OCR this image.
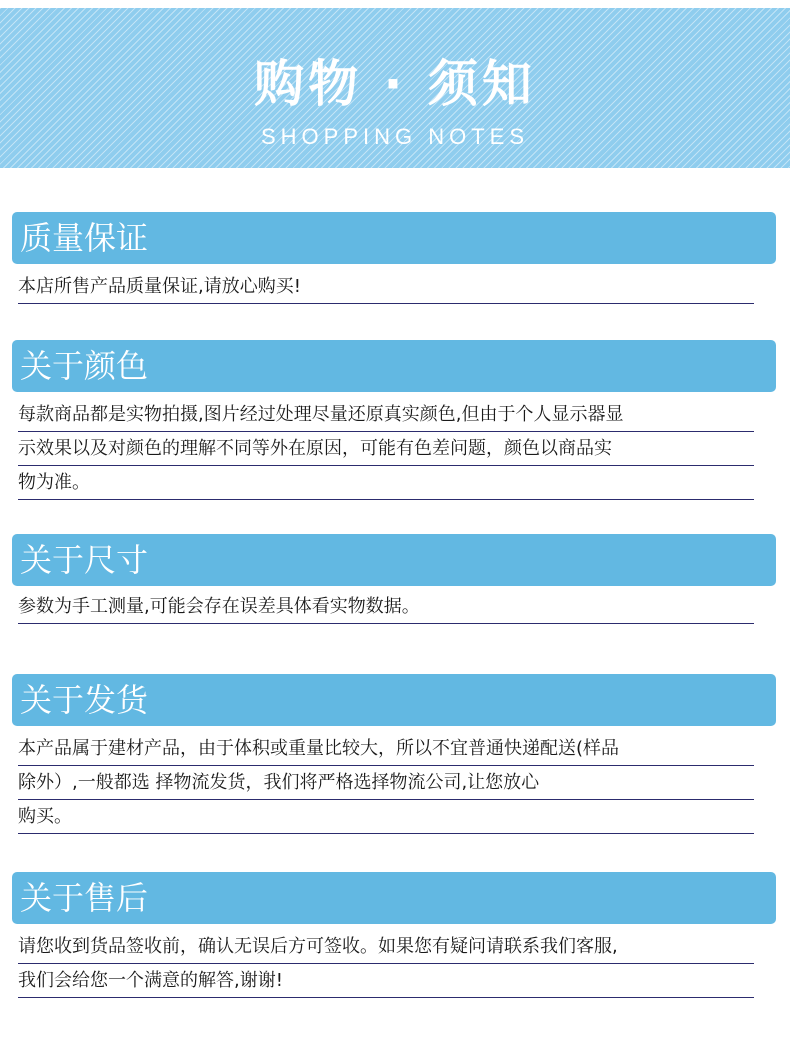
购物 · 须知
SHOPPING NOTES
质量保证
本店所售产品质量保证,请放心购买!
关于颜色
每款商品都是实物拍摄,图片经过处理尽量还原真实颜色,但由于个人显示器显
示效果以及对颜色的理解不同等外在原因，可能有色差问题，颜色以商品实
物为准。
关于尺寸
参数为手工测量,可能会存在误差具体看实物数据。
关于发货
本产品属于建材产品，由于体积或重量比较大，所以不宜普通快递配送(样品
除外）,一般都选 择物流发货，我们将严格选择物流公司,让您放心
购买。
关于售后
请您收到货品签收前，确认无误后方可签收。如果您有疑问请联系我们客服,
我们会给您一个满意的解答,谢谢!
